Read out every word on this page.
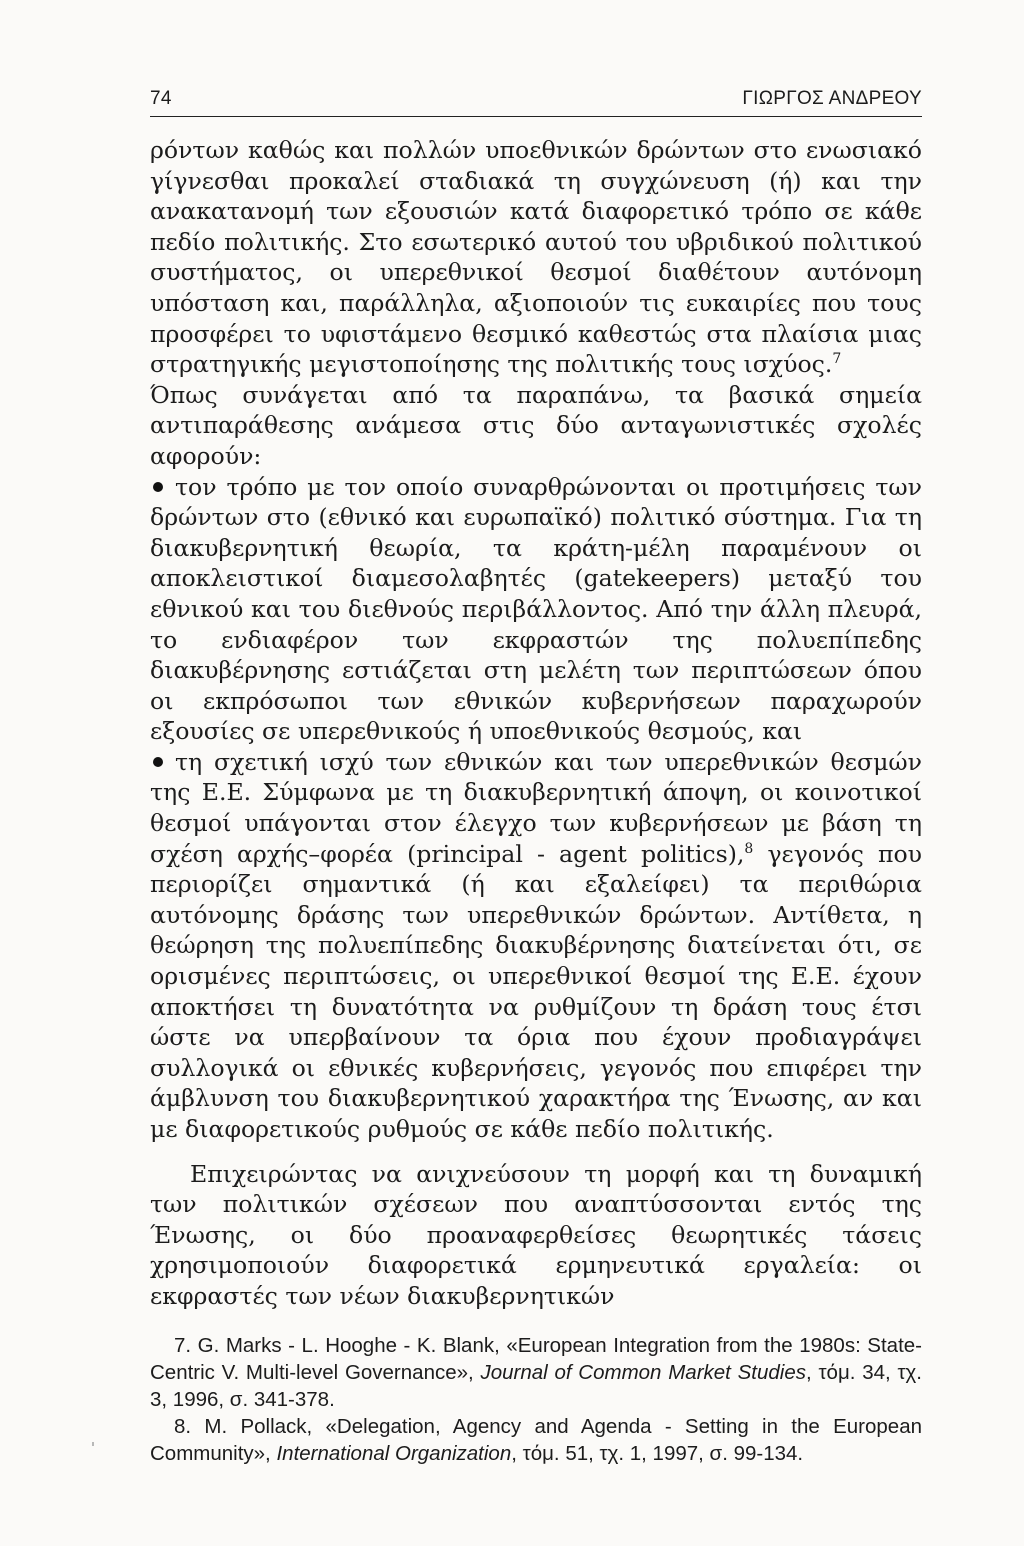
74	ΓΙΩΡΓΟΣ ΑΝΔΡΕΟΥ

ρόντων καθώς και πολλών υποεθνικών δρώντων στο ενωσιακό γίγνεσθαι προκαλεί σταδιακά τη συγχώνευση (ή) και την ανακατανομή των εξουσιών κατά διαφορετικό τρόπο σε κάθε πεδίο πολιτικής. Στο εσωτερικό αυτού του υβριδικού πολιτικού συστήματος, οι υπερεθνικοί θεσμοί διαθέτουν αυτόνομη υπόσταση και, παράλληλα, αξιοποιούν τις ευκαιρίες που τους προσφέρει το υφιστάμενο θεσμικό καθεστώς στα πλαίσια μιας στρατηγικής μεγιστοποίησης της πολιτικής τους ισχύος.$^7$

Όπως συνάγεται από τα παραπάνω, τα βασικά σημεία αντιπαράθεσης ανάμεσα στις δύο ανταγωνιστικές σχολές αφορούν:

τον τρόπο με τον οποίο συναρθρώνονται οι προτιμήσεις των δρώντων στο (εθνικό και ευρωπαϊκό) πολιτικό σύστημα. Για τη διακυβερνητική θεωρία, τα κράτη-μέλη παραμένουν οι αποκλειστικοί διαμεσολαβητές (gatekeepers) μεταξύ του εθνικού και του διεθνούς περιβάλλοντος. Από την άλλη πλευρά, το ενδιαφέρον των εκφραστών της πολυεπίπεδης διακυβέρνησης εστιάζεται στη μελέτη των περιπτώσεων όπου οι εκπρόσωποι των εθνικών κυβερνήσεων παραχωρούν εξουσίες σε υπερεθνικούς ή υποεθνικούς θεσμούς, και

τη σχετική ισχύ των εθνικών και των υπερεθνικών θεσμών της Ε.Ε. Σύμφωνα με τη διακυβερνητική άποψη, οι κοινοτικοί θεσμοί υπάγονται στον έλεγχο των κυβερνήσεων με βάση τη σχέση αρχής–φορέα (principal - agent politics),$^8$ γεγονός που περιορίζει σημαντικά (ή και εξαλείφει) τα περιθώρια αυτόνομης δράσης των υπερεθνικών δρώντων. Αντίθετα, η θεώρηση της πολυεπίπεδης διακυβέρνησης διατείνεται ότι, σε ορισμένες περιπτώσεις, οι υπερεθνικοί θεσμοί της Ε.Ε. έχουν αποκτήσει τη δυνατότητα να ρυθμίζουν τη δράση τους έτσι ώστε να υπερβαίνουν τα όρια που έχουν προδιαγράψει συλλογικά οι εθνικές κυβερνήσεις, γεγονός που επιφέρει την άμβλυνση του διακυβερνητικού χαρακτήρα της Ένωσης, αν και με διαφορετικούς ρυθμούς σε κάθε πεδίο πολιτικής.

Επιχειρώντας να ανιχνεύσουν τη μορφή και τη δυναμική των πολιτικών σχέσεων που αναπτύσσονται εντός της Ένωσης, οι δύο προαναφερθείσες θεωρητικές τάσεις χρησιμοποιούν διαφορετικά ερμηνευτικά εργαλεία: οι εκφραστές των νέων διακυβερνητικών

7. G. Marks - L. Hooghe - K. Blank, «European Integration from the 1980s: State-Centric V. Multi-level Governance», Journal of Common Market Studies, τόμ. 34, τχ. 3, 1996, σ. 341-378.

8. M. Pollack, «Delegation, Agency and Agenda - Setting in the European Community», International Organization, τόμ. 51, τχ. 1, 1997, σ. 99-134.
